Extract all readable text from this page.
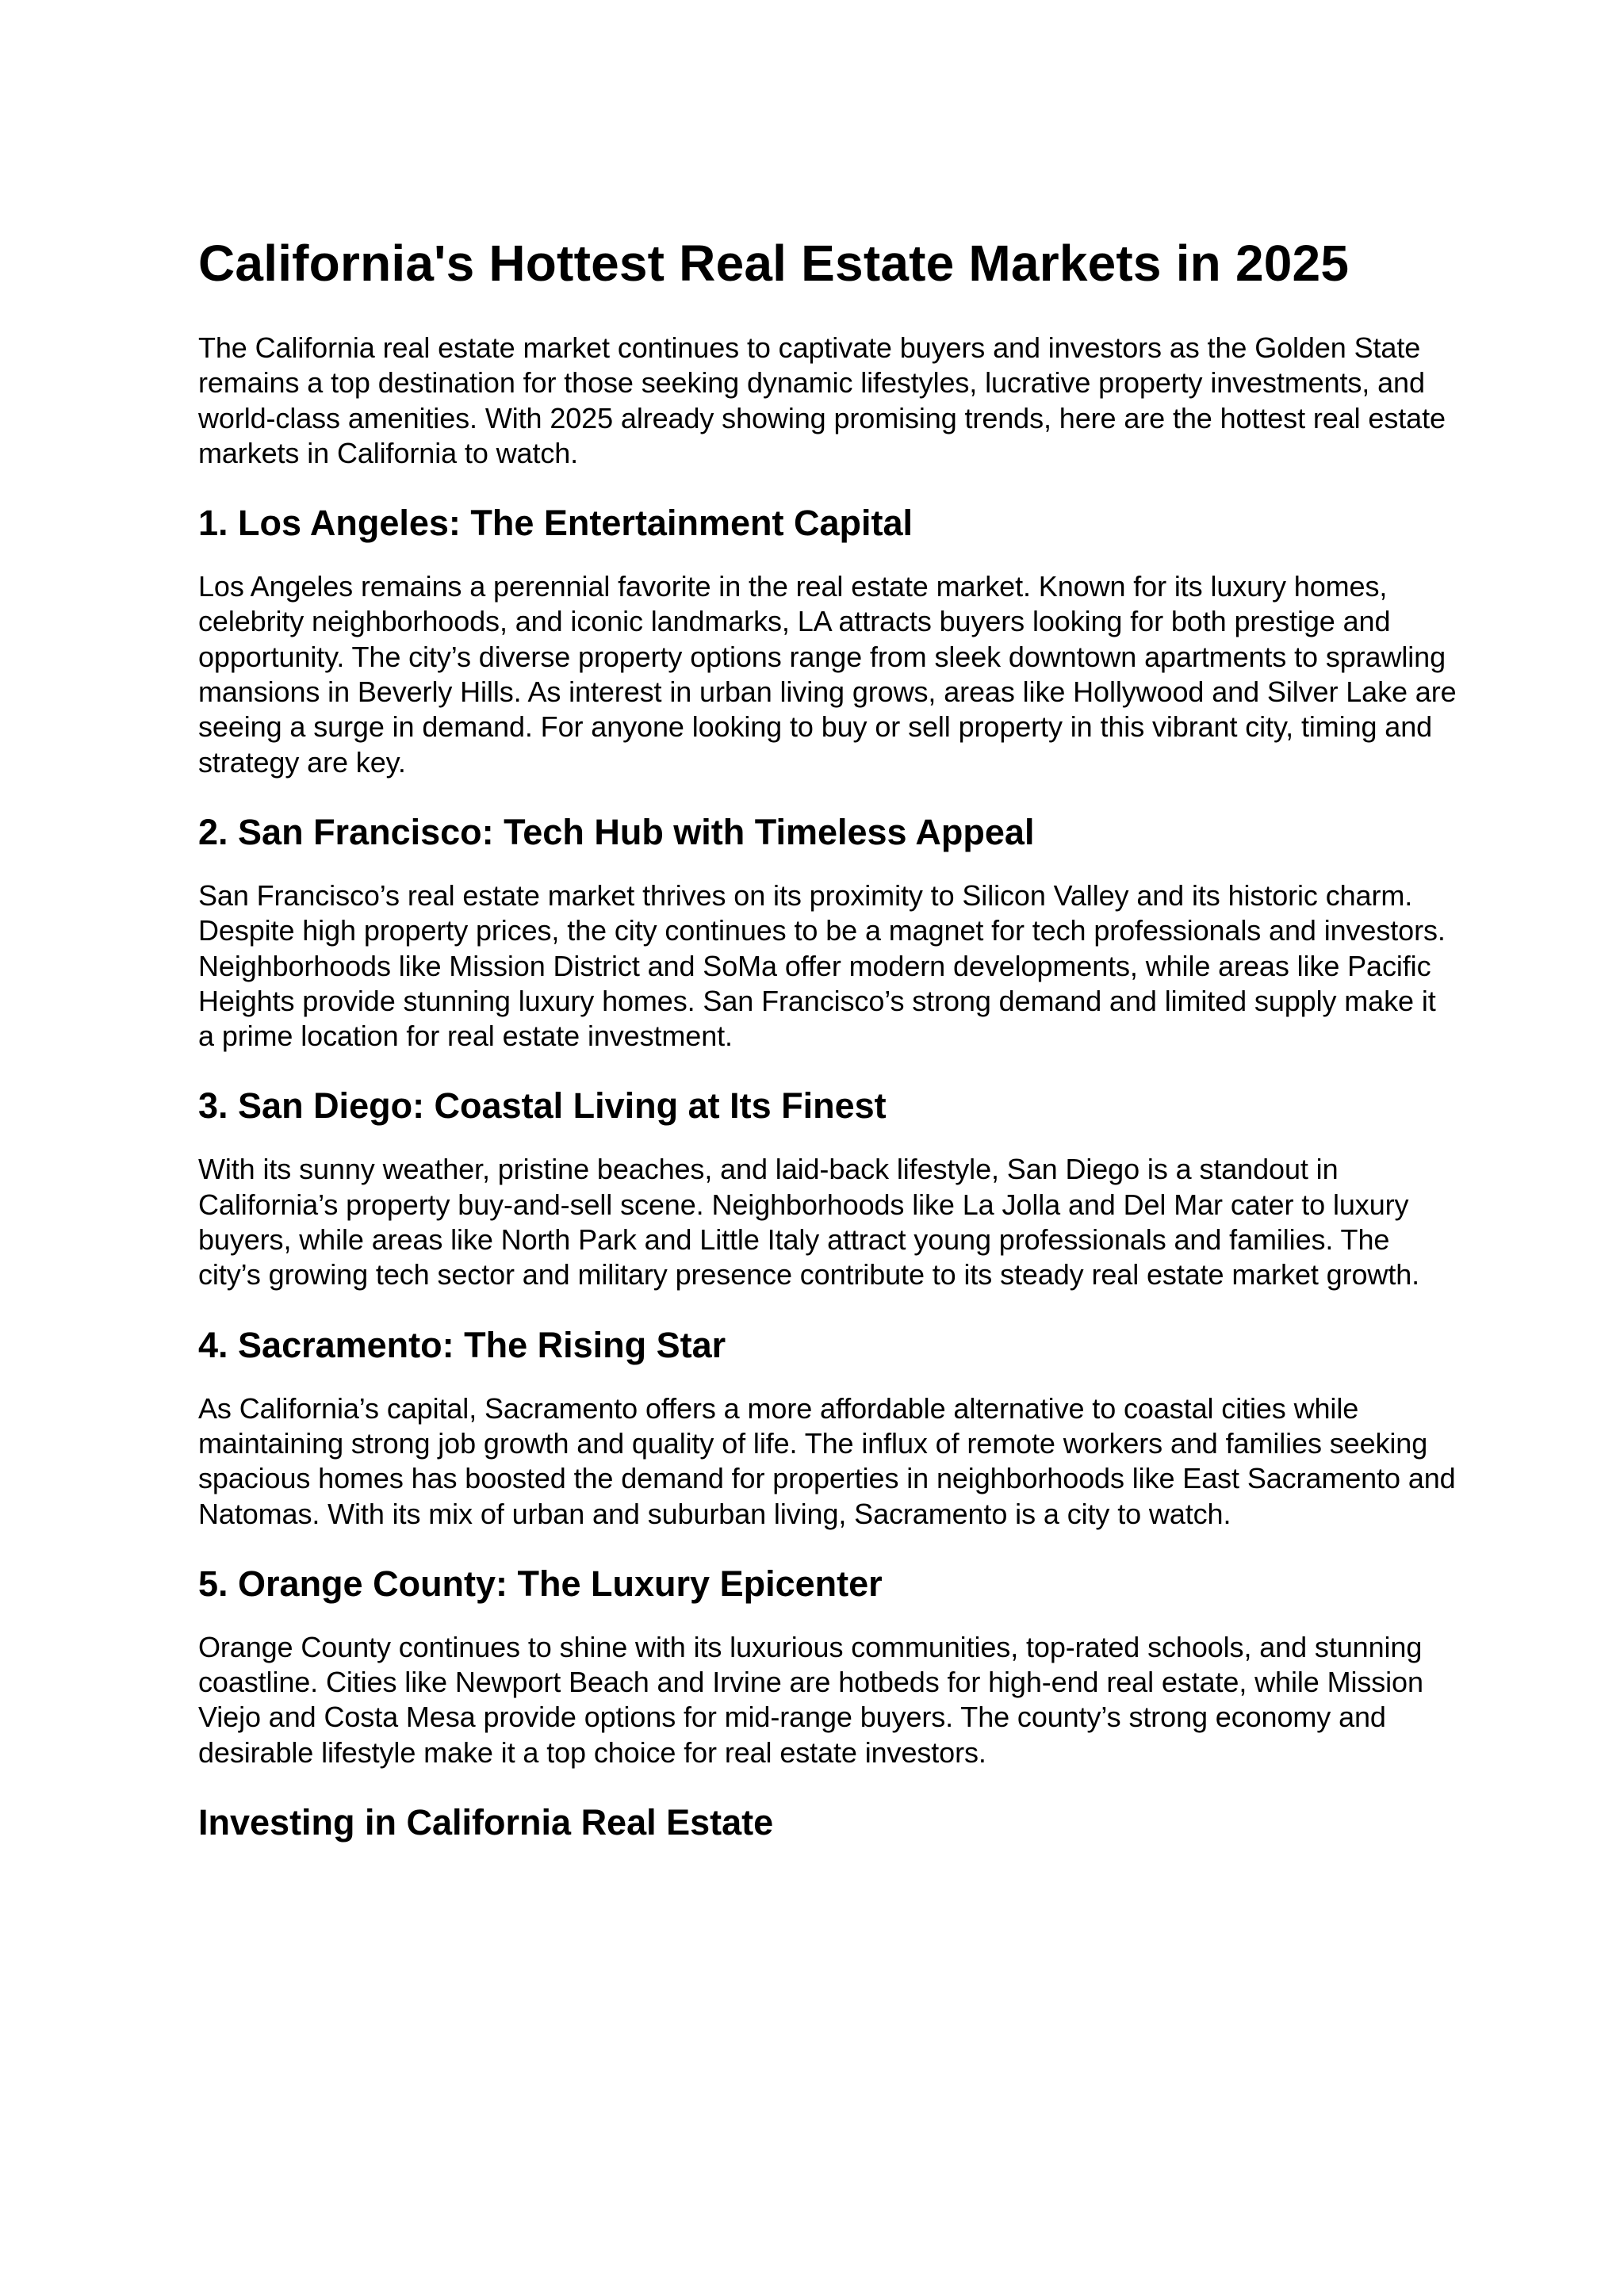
California's Hottest Real Estate Markets in 2025

The California real estate market continues to captivate buyers and investors as the Golden State remains a top destination for those seeking dynamic lifestyles, lucrative property investments, and world-class amenities. With 2025 already showing promising trends, here are the hottest real estate markets in California to watch.

1. Los Angeles: The Entertainment Capital

Los Angeles remains a perennial favorite in the real estate market. Known for its luxury homes, celebrity neighborhoods, and iconic landmarks, LA attracts buyers looking for both prestige and opportunity. The city’s diverse property options range from sleek downtown apartments to sprawling mansions in Beverly Hills. As interest in urban living grows, areas like Hollywood and Silver Lake are seeing a surge in demand. For anyone looking to buy or sell property in this vibrant city, timing and strategy are key.

2. San Francisco: Tech Hub with Timeless Appeal

San Francisco’s real estate market thrives on its proximity to Silicon Valley and its historic charm. Despite high property prices, the city continues to be a magnet for tech professionals and investors. Neighborhoods like Mission District and SoMa offer modern developments, while areas like Pacific Heights provide stunning luxury homes. San Francisco’s strong demand and limited supply make it a prime location for real estate investment.

3. San Diego: Coastal Living at Its Finest

With its sunny weather, pristine beaches, and laid-back lifestyle, San Diego is a standout in California’s property buy-and-sell scene. Neighborhoods like La Jolla and Del Mar cater to luxury buyers, while areas like North Park and Little Italy attract young professionals and families. The city’s growing tech sector and military presence contribute to its steady real estate market growth.

4. Sacramento: The Rising Star

As California’s capital, Sacramento offers a more affordable alternative to coastal cities while maintaining strong job growth and quality of life. The influx of remote workers and families seeking spacious homes has boosted the demand for properties in neighborhoods like East Sacramento and Natomas. With its mix of urban and suburban living, Sacramento is a city to watch.

5. Orange County: The Luxury Epicenter

Orange County continues to shine with its luxurious communities, top-rated schools, and stunning coastline. Cities like Newport Beach and Irvine are hotbeds for high-end real estate, while Mission Viejo and Costa Mesa provide options for mid-range buyers. The county’s strong economy and desirable lifestyle make it a top choice for real estate investors.

Investing in California Real Estate
